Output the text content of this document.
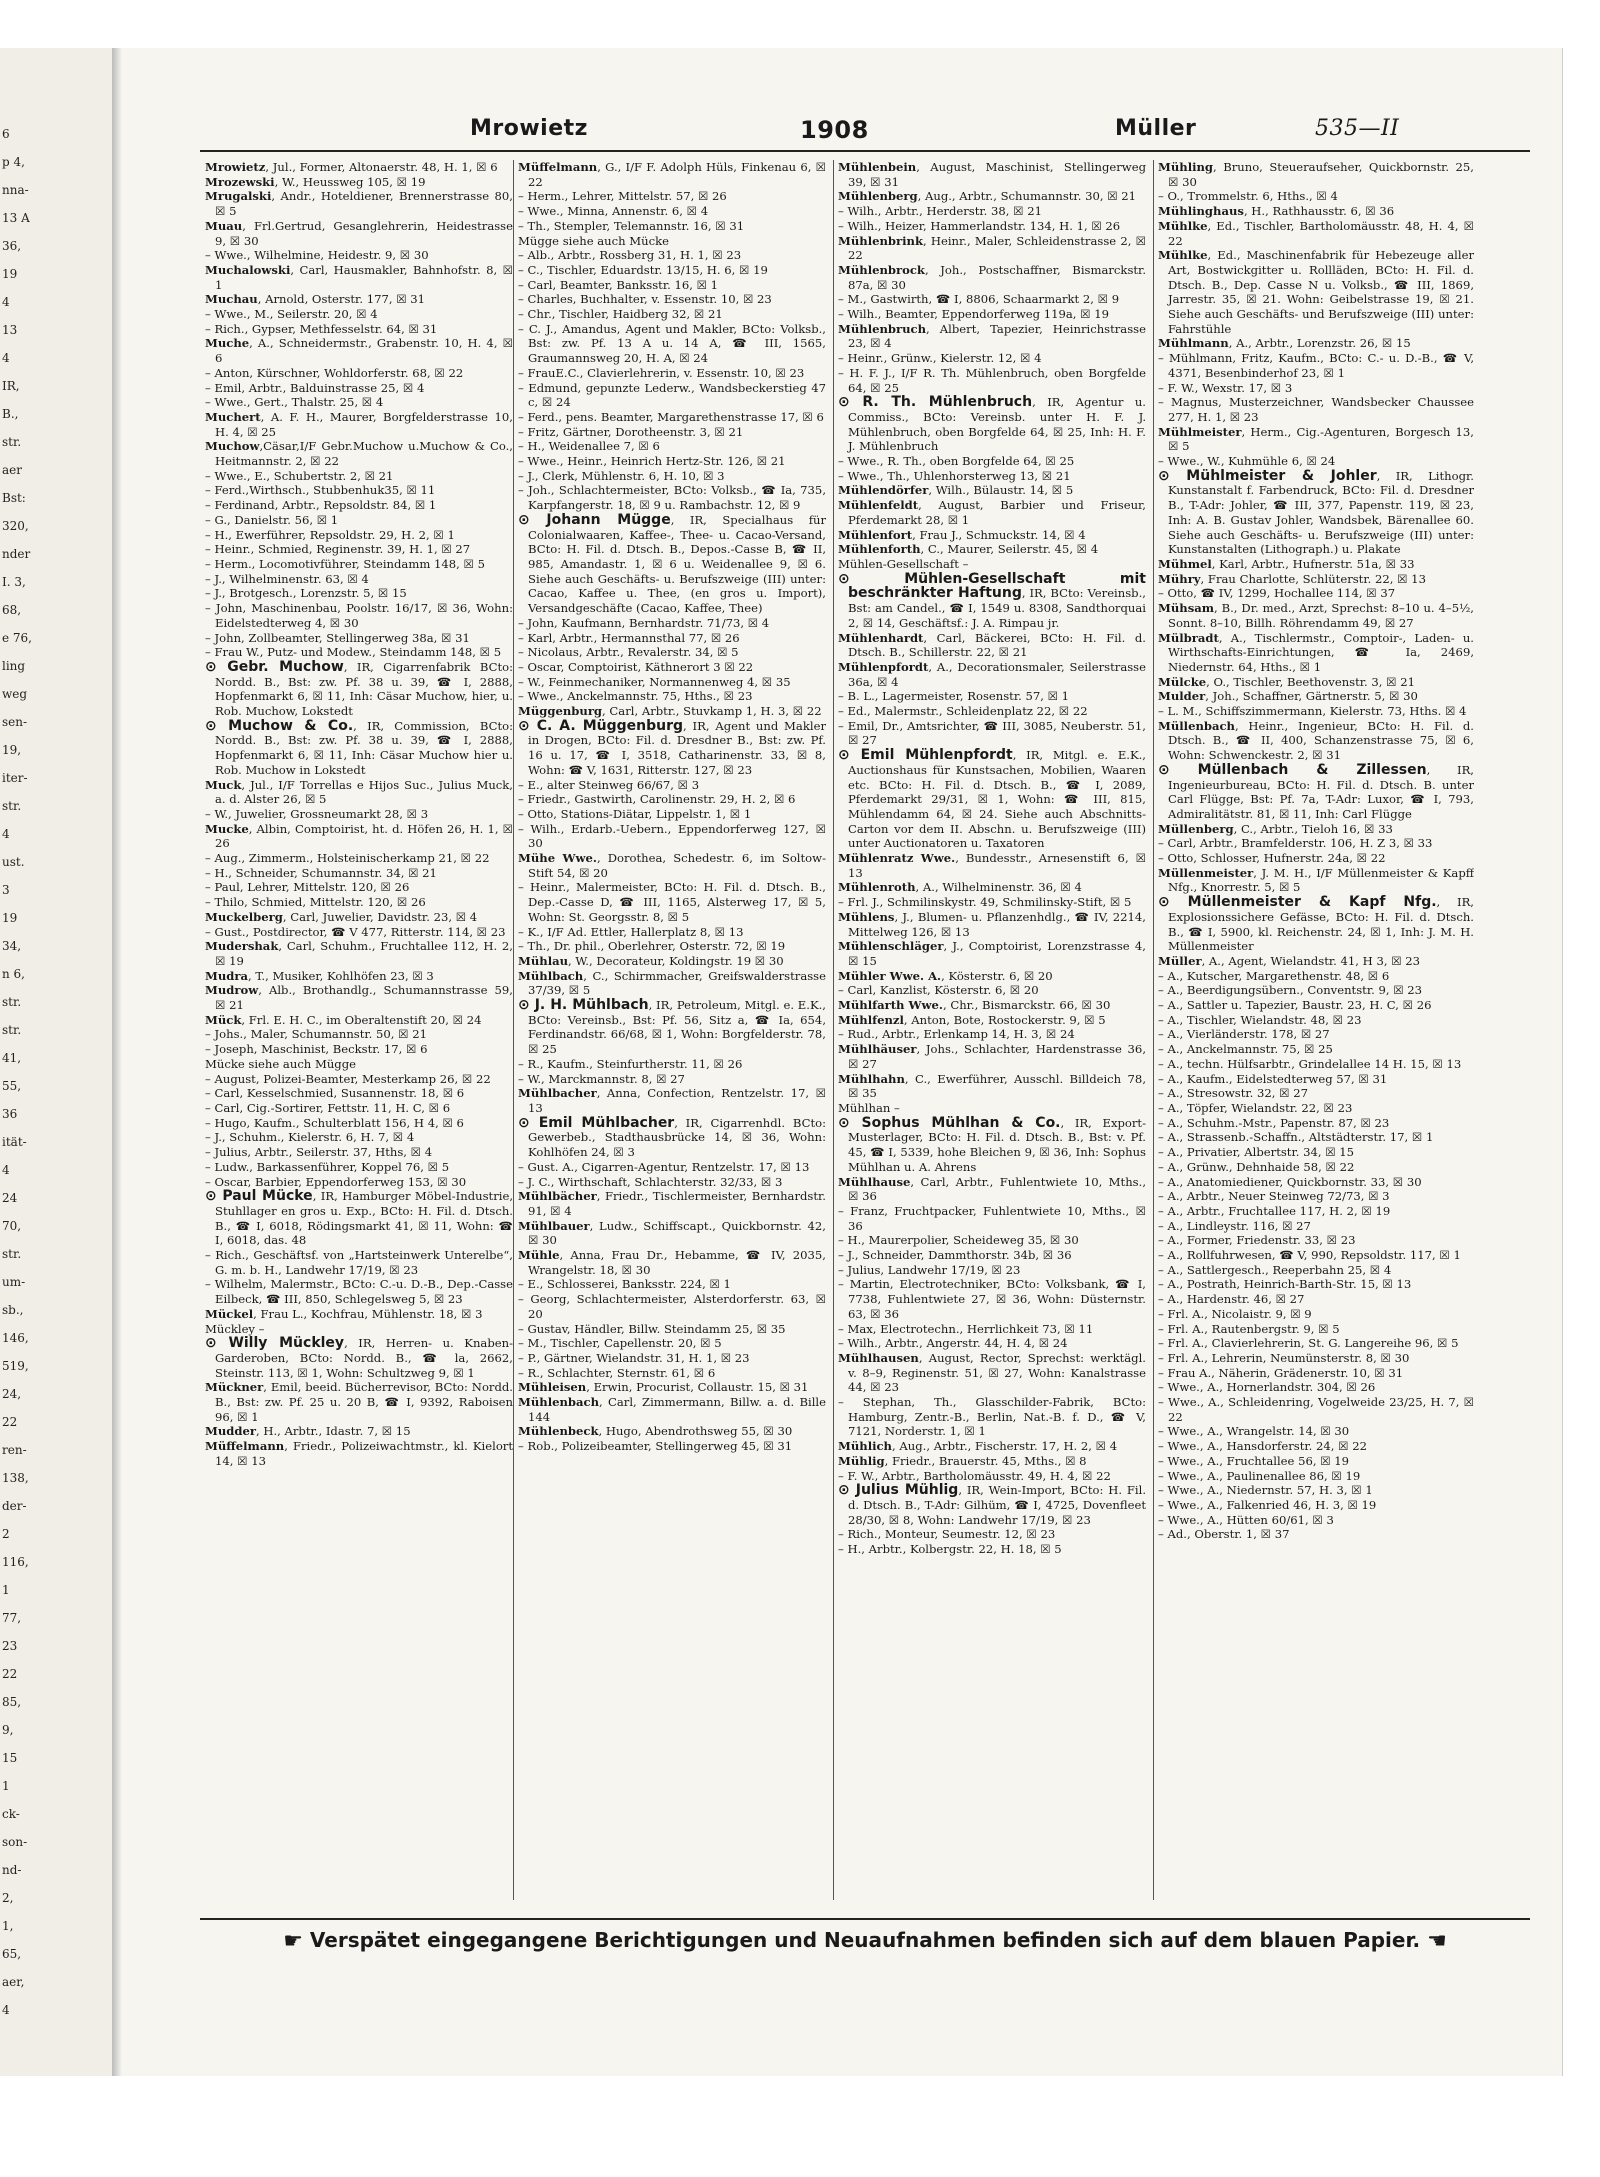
6
p 4,
nna-
13 A
36,
19
4
13
4
IR,
B.,
str.
aer
Bst:
320,
nder
I. 3,
68,
e 76,
ling
weg
sen-
19,
iter-
str.
4
ust.
3
19
34,
n 6,
str.
str.
41,
55,
36
ität-
4
24
70,
str.
um-
sb.,
146,
519,
24,
22
ren-
138,
der-
2
116,
1
77,
23
22
85,
9,
15
1
ck-
son-
nd-
2,
1,
65,
aer,
4
Mrowietz	1908	Müller	535—II

Mrowietz, Jul., Former, Altonaerstr. 48, H. 1, ☒ 6

Mrozewski, W., Heussweg 105, ☒ 19

Mrugalski, Andr., Hoteldiener, Brennerstrasse 80, ☒ 5

Muau, Frl.Gertrud, Gesanglehrerin, Heidestrasse 9, ☒ 30

– Wwe., Wilhelmine, Heidestr. 9, ☒ 30

Muchalowski, Carl, Hausmakler, Bahnhofstr. 8, ☒ 1

Muchau, Arnold, Osterstr. 177, ☒ 31

– Wwe., M., Seilerstr. 20, ☒ 4

– Rich., Gypser, Methfesselstr. 64, ☒ 31

Muche, A., Schneidermstr., Grabenstr. 10, H. 4, ☒ 6

– Anton, Kürschner, Wohldorferstr. 68, ☒ 22

– Emil, Arbtr., Balduinstrasse 25, ☒ 4

– Wwe., Gert., Thalstr. 25, ☒ 4

Muchert, A. F. H., Maurer, Borgfelderstrasse 10, H. 4, ☒ 25

Muchow,Cäsar,I/F Gebr.Muchow u.Muchow & Co., Heitmannstr. 2, ☒ 22

– Wwe., E., Schubertstr. 2, ☒ 21

– Ferd.,Wirthsch., Stubbenhuk35, ☒ 11

– Ferdinand, Arbtr., Repsoldstr. 84, ☒ 1

– G., Danielstr. 56, ☒ 1

– H., Ewerführer, Repsoldstr. 29, H. 2, ☒ 1

– Heinr., Schmied, Reginenstr. 39, H. 1, ☒ 27

– Herm., Locomotivführer, Steindamm 148, ☒ 5

– J., Wilhelminenstr. 63, ☒ 4

– J., Brotgesch., Lorenzstr. 5, ☒ 15

– John, Maschinenbau, Poolstr. 16/17, ☒ 36, Wohn: Eidelstedterweg 4, ☒ 30

– John, Zollbeamter, Stellingerweg 38a, ☒ 31

– Frau W., Putz- und Modew., Steindamm 148, ☒ 5

⊙ Gebr. Muchow, IR, Cigarrenfabrik BCto: Nordd. B., Bst: zw. Pf. 38 u. 39, ☎ I, 2888, Hopfenmarkt 6, ☒ 11, Inh: Cäsar Muchow, hier, u. Rob. Muchow, Lokstedt

⊙ Muchow & Co., IR, Commission, BCto: Nordd. B., Bst: zw. Pf. 38 u. 39, ☎ I, 2888, Hopfenmarkt 6, ☒ 11, Inh: Cäsar Muchow hier u. Rob. Muchow in Lokstedt

Muck, Jul., I/F Torrellas e Hijos Suc., Julius Muck, a. d. Alster 26, ☒ 5

– W., Juwelier, Grossneumarkt 28, ☒ 3

Mucke, Albin, Comptoirist, ht. d. Höfen 26, H. 1, ☒ 26

– Aug., Zimmerm., Holsteinischerkamp 21, ☒ 22

– H., Schneider, Schumannstr. 34, ☒ 21

– Paul, Lehrer, Mittelstr. 120, ☒ 26

– Thilo, Schmied, Mittelstr. 120, ☒ 26

Muckelberg, Carl, Juwelier, Davidstr. 23, ☒ 4

– Gust., Postdirector, ☎ V 477, Ritterstr. 114, ☒ 23

Mudershak, Carl, Schuhm., Fruchtallee 112, H. 2, ☒ 19

Mudra, T., Musiker, Kohlhöfen 23, ☒ 3

Mudrow, Alb., Brothandlg., Schumannstrasse 59, ☒ 21

Mück, Frl. E. H. C., im Oberaltenstift 20, ☒ 24

– Johs., Maler, Schumannstr. 50, ☒ 21

– Joseph, Maschinist, Beckstr. 17, ☒ 6

Mücke siehe auch Mügge

– August, Polizei-Beamter, Mesterkamp 26, ☒ 22

– Carl, Kesselschmied, Susannenstr. 18, ☒ 6

– Carl, Cig.-Sortirer, Fettstr. 11, H. C, ☒ 6

– Hugo, Kaufm., Schulterblatt 156, H 4, ☒ 6

– J., Schuhm., Kielerstr. 6, H. 7, ☒ 4

– Julius, Arbtr., Seilerstr. 37, Hths, ☒ 4

– Ludw., Barkassenführer, Koppel 76, ☒ 5

– Oscar, Barbier, Eppendorferweg 153, ☒ 30

⊙ Paul Mücke, IR, Hamburger Möbel-Industrie, Stuhllager en gros u. Exp., BCto: H. Fil. d. Dtsch. B., ☎ I, 6018, Rödingsmarkt 41, ☒ 11, Wohn: ☎ I, 6018, das. 48

– Rich., Geschäftsf. von „Hartsteinwerk Unterelbe“, G. m. b. H., Landwehr 17/19, ☒ 23

– Wilhelm, Malermstr., BCto: C.-u. D.-B., Dep.-Casse Eilbeck, ☎ III, 850, Schlegelsweg 5, ☒ 23

Mückel, Frau L., Kochfrau, Mühlenstr. 18, ☒ 3

Mückley –

⊙ Willy Mückley, IR, Herren- u. Knaben-Garderoben, BCto: Nordd. B., ☎ la, 2662, Steinstr. 113, ☒ 1, Wohn: Schultzweg 9, ☒ 1

Mückner, Emil, beeid. Bücherrevisor, BCto: Nordd. B., Bst: zw. Pf. 25 u. 20 B, ☎ I, 9392, Raboisen 96, ☒ 1

Mudder, H., Arbtr., Idastr. 7, ☒ 15

Müffelmann, Friedr., Polizeiwachtmstr., kl. Kielort 14, ☒ 13

Müffelmann, G., I/F F. Adolph Hüls, Finkenau 6, ☒ 22

– Herm., Lehrer, Mittelstr. 57, ☒ 26

– Wwe., Minna, Annenstr. 6, ☒ 4

– Th., Stempler, Telemannstr. 16, ☒ 31

Mügge siehe auch Mücke

– Alb., Arbtr., Rossberg 31, H. 1, ☒ 23

– C., Tischler, Eduardstr. 13/15, H. 6, ☒ 19

– Carl, Beamter, Banksstr. 16, ☒ 1

– Charles, Buchhalter, v. Essenstr. 10, ☒ 23

– Chr., Tischler, Haidberg 32, ☒ 21

– C. J., Amandus, Agent und Makler, BCto: Volksb., Bst: zw. Pf. 13 A u. 14 A, ☎ III, 1565, Graumannsweg 20, H. A, ☒ 24

– FrauE.C., Clavierlehrerin, v. Essenstr. 10, ☒ 23

– Edmund, gepunzte Lederw., Wandsbeckerstieg 47 c, ☒ 24

– Ferd., pens. Beamter, Margarethenstrasse 17, ☒ 6

– Fritz, Gärtner, Dorotheenstr. 3, ☒ 21

– H., Weidenallee 7, ☒ 6

– Wwe., Heinr., Heinrich Hertz-Str. 126, ☒ 21

– J., Clerk, Mühlenstr. 6, H. 10, ☒ 3

– Joh., Schlachtermeister, BCto: Volksb., ☎ Ia, 735, Karpfangerstr. 18, ☒ 9 u. Rambachstr. 12, ☒ 9

⊙ Johann Mügge, IR, Specialhaus für Colonialwaaren, Kaffee-, Thee- u. Cacao-Versand, BCto: H. Fil. d. Dtsch. B., Depos.-Casse B, ☎ II, 985, Amandastr. 1, ☒ 6 u. Weidenallee 9, ☒ 6. Siehe auch Geschäfts- u. Berufszweige (III) unter: Cacao, Kaffee u. Thee, (en gros u. Import), Versandgeschäfte (Cacao, Kaffee, Thee)

– John, Kaufmann, Bernhardstr. 71/73, ☒ 4

– Karl, Arbtr., Hermannsthal 77, ☒ 26

– Nicolaus, Arbtr., Revalerstr. 34, ☒ 5

– Oscar, Comptoirist, Käthnerort 3 ☒ 22

– W., Feinmechaniker, Normannenweg 4, ☒ 35

– Wwe., Anckelmannstr. 75, Hths., ☒ 23

Müggenburg, Carl, Arbtr., Stuvkamp 1, H. 3, ☒ 22

⊙ C. A. Müggenburg, IR, Agent und Makler in Drogen, BCto: Fil. d. Dresdner B., Bst: zw. Pf. 16 u. 17, ☎ I, 3518, Catharinenstr. 33, ☒ 8, Wohn: ☎ V, 1631, Ritterstr. 127, ☒ 23

– E., alter Steinweg 66/67, ☒ 3

– Friedr., Gastwirth, Carolinenstr. 29, H. 2, ☒ 6

– Otto, Stations-Diätar, Lippelstr. 1, ☒ 1

– Wilh., Erdarb.-Uebern., Eppendorferweg 127, ☒ 30

Mühe Wwe., Dorothea, Schedestr. 6, im Soltow-Stift 54, ☒ 20

– Heinr., Malermeister, BCto: H. Fil. d. Dtsch. B., Dep.-Casse D, ☎ III, 1165, Alsterweg 17, ☒ 5, Wohn: St. Georgsstr. 8, ☒ 5

– K., I/F Ad. Ettler, Hallerplatz 8, ☒ 13

– Th., Dr. phil., Oberlehrer, Osterstr. 72, ☒ 19

Mühlau, W., Decorateur, Koldingstr. 19 ☒ 30

Mühlbach, C., Schirmmacher, Greifswalderstrasse 37/39, ☒ 5

⊙ J. H. Mühlbach, IR, Petroleum, Mitgl. e. E.K., BCto: Vereinsb., Bst: Pf. 56, Sitz a, ☎ Ia, 654, Ferdinandstr. 66/68, ☒ 1, Wohn: Borgfelderstr. 78, ☒ 25

– R., Kaufm., Steinfurtherstr. 11, ☒ 26

– W., Marckmannstr. 8, ☒ 27

Mühlbacher, Anna, Confection, Rentzelstr. 17, ☒ 13

⊙ Emil Mühlbacher, IR, Cigarrenhdl. BCto: Gewerbeb., Stadthausbrücke 14, ☒ 36, Wohn: Kohlhöfen 24, ☒ 3

– Gust. A., Cigarren-Agentur, Rentzelstr. 17, ☒ 13

– J. C., Wirthschaft, Schlachterstr. 32/33, ☒ 3

Mühlbächer, Friedr., Tischlermeister, Bernhardstr. 91, ☒ 4

Mühlbauer, Ludw., Schiffscapt., Quickbornstr. 42, ☒ 30

Mühle, Anna, Frau Dr., Hebamme, ☎ IV, 2035, Wrangelstr. 18, ☒ 30

– E., Schlosserei, Banksstr. 224, ☒ 1

– Georg, Schlachtermeister, Alsterdorferstr. 63, ☒ 20

– Gustav, Händler, Billw. Steindamm 25, ☒ 35

– M., Tischler, Capellenstr. 20, ☒ 5

– P., Gärtner, Wielandstr. 31, H. 1, ☒ 23

– R., Schlachter, Sternstr. 61, ☒ 6

Mühleisen, Erwin, Procurist, Collaustr. 15, ☒ 31

Mühlenbach, Carl, Zimmermann, Billw. a. d. Bille 144

Mühlenbeck, Hugo, Abendrothsweg 55, ☒ 30

– Rob., Polizeibeamter, Stellingerweg 45, ☒ 31

Mühlenbein, August, Maschinist, Stellingerweg 39, ☒ 31

Mühlenberg, Aug., Arbtr., Schumannstr. 30, ☒ 21

– Wilh., Arbtr., Herderstr. 38, ☒ 21

– Wilh., Heizer, Hammerlandstr. 134, H. 1, ☒ 26

Mühlenbrink, Heinr., Maler, Schleidenstrasse 2, ☒ 22

Mühlenbrock, Joh., Postschaffner, Bismarckstr. 87a, ☒ 30

– M., Gastwirth, ☎ I, 8806, Schaarmarkt 2, ☒ 9

– Wilh., Beamter, Eppendorferweg 119a, ☒ 19

Mühlenbruch, Albert, Tapezier, Heinrichstrasse 23, ☒ 4

– Heinr., Grünw., Kielerstr. 12, ☒ 4

– H. F. J., I/F R. Th. Mühlenbruch, oben Borgfelde 64, ☒ 25

⊙ R. Th. Mühlenbruch, IR, Agentur u. Commiss., BCto: Vereinsb. unter H. F. J. Mühlenbruch, oben Borgfelde 64, ☒ 25, Inh: H. F. J. Mühlenbruch

– Wwe., R. Th., oben Borgfelde 64, ☒ 25

– Wwe., Th., Uhlenhorsterweg 13, ☒ 21

Mühlendörfer, Wilh., Bülaustr. 14, ☒ 5

Mühlenfeldt, August, Barbier und Friseur, Pferdemarkt 28, ☒ 1

Mühlenfort, Frau J., Schmuckstr. 14, ☒ 4

Mühlenforth, C., Maurer, Seilerstr. 45, ☒ 4

Mühlen-Gesellschaft –

⊙ Mühlen-Gesellschaft mit beschränkter Haftung, IR, BCto: Vereinsb., Bst: am Candel., ☎ I, 1549 u. 8308, Sandthorquai 2, ☒ 14, Geschäftsf.: J. A. Rimpau jr.

Mühlenhardt, Carl, Bäckerei, BCto: H. Fil. d. Dtsch. B., Schillerstr. 22, ☒ 21

Mühlenpfordt, A., Decorationsmaler, Seilerstrasse 36a, ☒ 4

– B. L., Lagermeister, Rosenstr. 57, ☒ 1

– Ed., Malermstr., Schleidenplatz 22, ☒ 22

– Emil, Dr., Amtsrichter, ☎ III, 3085, Neuberstr. 51, ☒ 27

⊙ Emil Mühlenpfordt, IR, Mitgl. e. E.K., Auctionshaus für Kunstsachen, Mobilien, Waaren etc. BCto: H. Fil. d. Dtsch. B., ☎ I, 2089, Pferdemarkt 29/31, ☒ 1, Wohn: ☎ III, 815, Mühlendamm 64, ☒ 24. Siehe auch Abschnitts-Carton vor dem II. Abschn. u. Berufszweige (III) unter Auctionatoren u. Taxatoren

Mühlenratz Wwe., Bundesstr., Arnesenstift 6, ☒ 13

Mühlenroth, A., Wilhelminenstr. 36, ☒ 4

– Frl. J., Schmilinskystr. 49, Schmilinsky-Stift, ☒ 5

Mühlens, J., Blumen- u. Pflanzenhdlg., ☎ IV, 2214, Mittelweg 126, ☒ 13

Mühlenschläger, J., Comptoirist, Lorenzstrasse 4, ☒ 15

Mühler Wwe. A., Kösterstr. 6, ☒ 20

– Carl, Kanzlist, Kösterstr. 6, ☒ 20

Mühlfarth Wwe., Chr., Bismarckstr. 66, ☒ 30

Mühlfenzl, Anton, Bote, Rostockerstr. 9, ☒ 5

– Rud., Arbtr., Erlenkamp 14, H. 3, ☒ 24

Mühlhäuser, Johs., Schlachter, Hardenstrasse 36, ☒ 27

Mühlhahn, C., Ewerführer, Ausschl. Billdeich 78, ☒ 35

Mühlhan –

⊙ Sophus Mühlhan & Co., IR, Export-Musterlager, BCto: H. Fil. d. Dtsch. B., Bst: v. Pf. 45, ☎ I, 5339, hohe Bleichen 9, ☒ 36, Inh: Sophus Mühlhan u. A. Ahrens

Mühlhause, Carl, Arbtr., Fuhlentwiete 10, Mths., ☒ 36

– Franz, Fruchtpacker, Fuhlentwiete 10, Mths., ☒ 36

– H., Maurerpolier, Scheideweg 35, ☒ 30

– J., Schneider, Dammthorstr. 34b, ☒ 36

– Julius, Landwehr 17/19, ☒ 23

– Martin, Electrotechniker, BCto: Volksbank, ☎ I, 7738, Fuhlentwiete 27, ☒ 36, Wohn: Düsternstr. 63, ☒ 36

– Max, Electrotechn., Herrlichkeit 73, ☒ 11

– Wilh., Arbtr., Angerstr. 44, H. 4, ☒ 24

Mühlhausen, August, Rector, Sprechst: werktägl. v. 8–9, Reginenstr. 51, ☒ 27, Wohn: Kanalstrasse 44, ☒ 23

– Stephan, Th., Glasschilder-Fabrik, BCto: Hamburg, Zentr.-B., Berlin, Nat.-B. f. D., ☎ V, 7121, Norderstr. 1, ☒ 1

Mühlich, Aug., Arbtr., Fischerstr. 17, H. 2, ☒ 4

Mühlig, Friedr., Brauerstr. 45, Mths., ☒ 8

– F. W., Arbtr., Bartholomäusstr. 49, H. 4, ☒ 22

⊙ Julius Mühlig, IR, Wein-Import, BCto: H. Fil. d. Dtsch. B., T-Adr: Gilhüm, ☎ I, 4725, Dovenfleet 28/30, ☒ 8, Wohn: Landwehr 17/19, ☒ 23

– Rich., Monteur, Seumestr. 12, ☒ 23

– H., Arbtr., Kolbergstr. 22, H. 18, ☒ 5

Mühling, Bruno, Steueraufseher, Quickbornstr. 25, ☒ 30

– O., Trommelstr. 6, Hths., ☒ 4

Mühlinghaus, H., Rathhausstr. 6, ☒ 36

Mühlke, Ed., Tischler, Bartholomäusstr. 48, H. 4, ☒ 22

Mühlke, Ed., Maschinenfabrik für Hebezeuge aller Art, Bostwickgitter u. Rollläden, BCto: H. Fil. d. Dtsch. B., Dep. Casse N u. Volksb., ☎ III, 1869, Jarrestr. 35, ☒ 21. Wohn: Geibelstrasse 19, ☒ 21. Siehe auch Geschäfts- und Berufszweige (III) unter: Fahrstühle

Mühlmann, A., Arbtr., Lorenzstr. 26, ☒ 15

– Mühlmann, Fritz, Kaufm., BCto: C.- u. D.-B., ☎ V, 4371, Besenbinderhof 23, ☒ 1

– F. W., Wexstr. 17, ☒ 3

– Magnus, Musterzeichner, Wandsbecker Chaussee 277, H. 1, ☒ 23

Mühlmeister, Herm., Cig.-Agenturen, Borgesch 13, ☒ 5

– Wwe., W., Kuhmühle 6, ☒ 24

⊙ Mühlmeister & Johler, IR, Lithogr. Kunstanstalt f. Farbendruck, BCto: Fil. d. Dresdner B., T-Adr: Johler, ☎ III, 377, Papenstr. 119, ☒ 23, Inh: A. B. Gustav Johler, Wandsbek, Bärenallee 60. Siehe auch Geschäfts- u. Berufszweige (III) unter: Kunstanstalten (Lithograph.) u. Plakate

Mühmel, Karl, Arbtr., Hufnerstr. 51a, ☒ 33

Mühry, Frau Charlotte, Schlüterstr. 22, ☒ 13

– Otto, ☎ IV, 1299, Hochallee 114, ☒ 37

Mühsam, B., Dr. med., Arzt, Sprechst: 8–10 u. 4–5½, Sonnt. 8–10, Billh. Röhrendamm 49, ☒ 27

Mülbradt, A., Tischlermstr., Comptoir-, Laden- u. Wirthschafts-Einrichtungen, ☎ Ia, 2469, Niedernstr. 64, Hths., ☒ 1

Mülcke, O., Tischler, Beethovenstr. 3, ☒ 21

Mulder, Joh., Schaffner, Gärtnerstr. 5, ☒ 30

– L. M., Schiffszimmermann, Kielerstr. 73, Hths. ☒ 4

Müllenbach, Heinr., Ingenieur, BCto: H. Fil. d. Dtsch. B., ☎ II, 400, Schanzenstrasse 75, ☒ 6, Wohn: Schwenckestr. 2, ☒ 31

⊙ Müllenbach & Zillessen, IR, Ingenieurbureau, BCto: H. Fil. d. Dtsch. B. unter Carl Flügge, Bst: Pf. 7a, T-Adr: Luxor, ☎ I, 793, Admiralitätstr. 81, ☒ 11, Inh: Carl Flügge

Müllenberg, C., Arbtr., Tieloh 16, ☒ 33

– Carl, Arbtr., Bramfelderstr. 106, H. Z 3, ☒ 33

– Otto, Schlosser, Hufnerstr. 24a, ☒ 22

Müllenmeister, J. M. H., I/F Müllenmeister & Kapff Nfg., Knorrestr. 5, ☒ 5

⊙ Müllenmeister & Kapf Nfg., IR, Explosionssichere Gefässe, BCto: H. Fil. d. Dtsch. B., ☎ I, 5900, kl. Reichenstr. 24, ☒ 1, Inh: J. M. H. Müllenmeister

Müller, A., Agent, Wielandstr. 41, H 3, ☒ 23

– A., Kutscher, Margarethenstr. 48, ☒ 6

– A., Beerdigungsübern., Conventstr. 9, ☒ 23

– A., Sattler u. Tapezier, Baustr. 23, H. C, ☒ 26

– A., Tischler, Wielandstr. 48, ☒ 23

– A., Vierländerstr. 178, ☒ 27

– A., Anckelmannstr. 75, ☒ 25

– A., techn. Hülfsarbtr., Grindelallee 14 H. 15, ☒ 13

– A., Kaufm., Eidelstedterweg 57, ☒ 31

– A., Stresowstr. 32, ☒ 27

– A., Töpfer, Wielandstr. 22, ☒ 23

– A., Schuhm.-Mstr., Papenstr. 87, ☒ 23

– A., Strassenb.-Schaffn., Altstädterstr. 17, ☒ 1

– A., Privatier, Albertstr. 34, ☒ 15

– A., Grünw., Dehnhaide 58, ☒ 22

– A., Anatomiediener, Quickbornstr. 33, ☒ 30

– A., Arbtr., Neuer Steinweg 72/73, ☒ 3

– A., Arbtr., Fruchtallee 117, H. 2, ☒ 19

– A., Lindleystr. 116, ☒ 27

– A., Former, Friedenstr. 33, ☒ 23

– A., Rollfuhrwesen, ☎ V, 990, Repsoldstr. 117, ☒ 1

– A., Sattlergesch., Reeperbahn 25, ☒ 4

– A., Postrath, Heinrich-Barth-Str. 15, ☒ 13

– A., Hardenstr. 46, ☒ 27

– Frl. A., Nicolaistr. 9, ☒ 9

– Frl. A., Rautenbergstr. 9, ☒ 5

– Frl. A., Clavierlehrerin, St. G. Langereihe 96, ☒ 5

– Frl. A., Lehrerin, Neumünsterstr. 8, ☒ 30

– Frau A., Näherin, Grädenerstr. 10, ☒ 31

– Wwe., A., Hornerlandstr. 304, ☒ 26

– Wwe., A., Schleidenring, Vogelweide 23/25, H. 7, ☒ 22

– Wwe., A., Wrangelstr. 14, ☒ 30

– Wwe., A., Hansdorferstr. 24, ☒ 22

– Wwe., A., Fruchtallee 56, ☒ 19

– Wwe., A., Paulinenallee 86, ☒ 19

– Wwe., A., Niedernstr. 57, H. 3, ☒ 1

– Wwe., A., Falkenried 46, H. 3, ☒ 19

– Wwe., A., Hütten 60/61, ☒ 3

– Ad., Oberstr. 1, ☒ 37

☛ Verspätet eingegangene Berichtigungen und Neuaufnahmen befinden sich auf dem blauen Papier. ☚
